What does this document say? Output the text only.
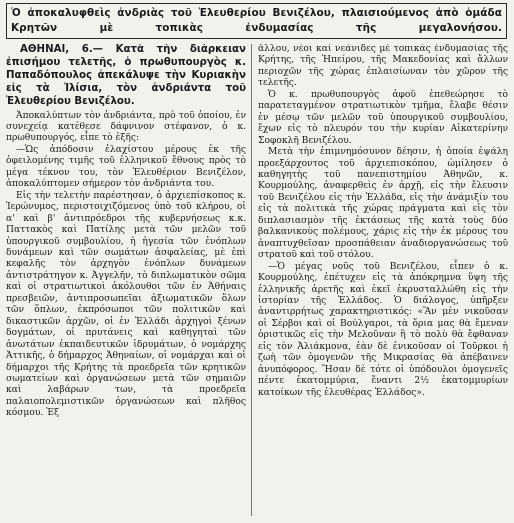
Ὁ ἀποκαλυφθεὶς ἀνδριὰς τοῦ Ἐλευθερίου Βενιζέλου, πλαισιούμενος ἀπὸ ὁμάδα Κρητῶν μὲ τοπικὰς ἐνδυμασίας τῆς μεγαλονήσου.

ΑΘΗΝΑΙ, 6.— Κατὰ τὴν διάρκειαν ἐπισήμου τελετῆς, ὁ πρωθυπουργὸς κ. Παπαδόπουλος ἀπεκάλυψε τὴν Κυριακὴν εἰς τὰ Ἰλίσια, τὸν ἀνδριάντα τοῦ Ἐλευθερίου Βενιζέλου.

Ἀποκαλύπτων τὸν ἀνδριάντα, πρὸ τοῦ ὁποίου, ἐν συνεχείᾳ κατέθεσε δάφνινον στέφανον, ὁ κ. πρωθυπουργός, εἶπε τὸ ἑξῆς:

—Ὡς ἀπόδοσιν ἐλαχίστου μέρους ἐκ τῆς ὀφειλομένης τιμῆς τοῦ ἑλληνικοῦ ἔθνους πρὸς τὸ μέγα τέκνον του, τὸν Ἐλευθέριον Βενιζέλον, ἀποκαλύπτομεν σήμερον τὸν ἀνδριάντα του.

Εἰς τὴν τελετὴν παρέστησαν, ὁ ἀρχιεπίσκοπος κ. Ἱερώνυμος, περιστοιχιζόμενος ὑπὸ τοῦ κλήρου, οἱ α' καὶ β' ἀντιπρόεδροι τῆς κυβερνήσεως κ.κ. Παττακὸς καὶ Πατίλης μετὰ τῶν μελῶν τοῦ ὑπουργικοῦ συμβουλίου, ἡ ἡγεσία τῶν ἐνόπλων δυνάμεων καὶ τῶν σωμάτων ἀσφαλείας, μὲ ἐπὶ κεφαλῆς τὸν ἀρχηγὸν ἐνόπλων δυνάμεων ἀντιστράτηγον κ. Ἀγγελῆν, τὸ διπλωματικὸν σῶμα καὶ οἱ στρατιωτικοὶ ἀκόλουθοι τῶν ἐν Ἀθήναις πρεσβειῶν, ἀντιπροσωπεῖαι ἀξιωματικῶν ὅλων τῶν ὅπλων, ἐκπρόσωποι τῶν πολιτικῶν καὶ δικαστικῶν ἀρχῶν, οἱ ἐν Ἑλλάδι ἀρχηγοὶ ξένων δογμάτων, οἱ πρυτάνεις καὶ καθηγηταὶ τῶν ἀνωτάτων ἐκπαιδευτικῶν ἱδρυμάτων, ὁ νομάρχης Ἀττικῆς, ὁ δήμαρχος Ἀθηναίων, οἱ νομάρχαι καὶ οἱ δήμαρχοι τῆς Κρήτης τὰ προεδρεῖα τῶν κρητικῶν σωματείων καὶ ὀργανώσεων μετὰ τῶν σημαιῶν καὶ λαβάρων των, τὰ προεδρεῖα παλαιοπολεμιστικῶν ὀργανώσεων καὶ πλῆθος κόσμου. Ἐξ

ἄλλου, νέοι καὶ νεάνιδες μὲ τοπικὰς ἐνδυμασίας τῆς Κρήτης, τῆς Ἠπείρου, τῆς Μακεδονίας καὶ ἄλλων περιοχῶν τῆς χώρας ἐπλαισίωναν τὸν χῶρον τῆς τελετῆς.

Ὁ κ. πρωθυπουργὸς ἀφοῦ ἐπεθεώρησε τὸ παρατεταγμένον στρατιωτικὸν τμῆμα, ἔλαβε θέσιν ἐν μέσῳ τῶν μελῶν τοῦ ὑπουργικοῦ συμβουλίου, ἔχων εἰς τὸ πλευρόν του τὴν κυρίαν Αἰκατερίνην Σοφοκλῆ Βενιζέλου.

Μετὰ τὴν ἐπιμνημόσυνον δέησιν, ἡ ὁποία ἐψάλη προεξάρχοντος τοῦ ἀρχιεπισκόπου, ὡμίλησεν ὁ καθηγητὴς τοῦ πανεπιστημίου Ἀθηνῶν, κ. Κουρμούλης, ἀναφερθεὶς ἐν ἀρχῇ, εἰς τὴν ἔλευσιν τοῦ Βενιζέλου εἰς τὴν Ἑλλάδα, εἰς τὴν ἀνάμιξίν του εἰς τὰ πολιτικὰ τῆς χώρας πράγματα καὶ εἰς τὸν διπλασιασμὸν τῆς ἐκτάσεως τῆς κατὰ τοὺς δύο βαλκανικοὺς πολέμους, χάρις εἰς τὴν ἐκ μέρους του ἀναπτυχθεῖσαν προσπάθειαν ἀναδιοργανώσεως τοῦ στρατοῦ καὶ τοῦ στόλου.

—Ὁ μέγας νοῦς τοῦ Βενιζέλου, εἶπεν ὁ κ. Κουρμούλης, ἐπέτυχεν εἰς τὰ ἀπόκρημνα ὕψη τῆς ἑλληνικῆς ἀρετῆς καὶ ἐκεῖ ἐκρυσταλλώθη εἰς τὴν ἱστορίαν τῆς Ἑλλάδος. Ὁ διάλογος, ὑπῆρξεν ἀναντιρρήτως χαρακτηριστικός: «Ἂν μὲν νικοῦσαν οἱ Σέρβοι καὶ οἱ Βούλγαροι, τὰ ὅρια μας θὰ ἔμεναν ὁριστικῶς εἰς τὴν Μελοῦναν ἢ τὸ πολὺ θὰ ἔφθαναν εἰς τὸν Ἀλιάκμονα, ἐὰν δὲ ἐνικοῦσαν οἱ Τοῦρκοι ἡ ζωὴ τῶν ὁμογενῶν τῆς Μικρασίας θὰ ἀπέβαινεν ἀνυπόφορος. Ἤσαν δὲ τότε οἱ ὑπόδουλοι ὁμογενεῖς πέντε ἑκατομμύρια, ἔναντι 2½ ἑκατομμυρίων κατοίκων τῆς ἐλευθέρας Ἑλλάδος».
